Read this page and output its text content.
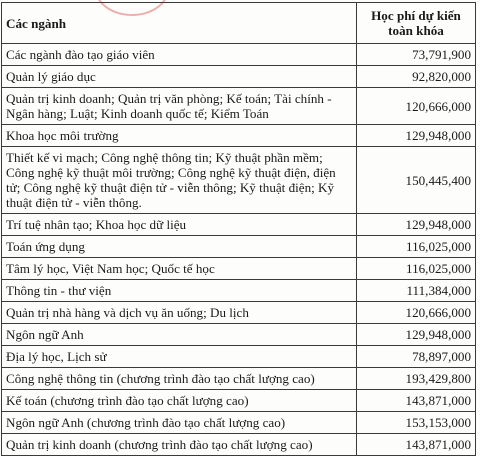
Các ngành	Học phí dự kiến
toàn khóa
Các ngành đào tạo giáo viên	73,791,900
Quản lý giáo dục	92,820,000
Quản trị kinh doanh; Quản trị văn phòng; Kế toán; Tài chính - Ngân hàng; Luật; Kinh doanh quốc tế; Kiểm Toán	120,666,000
Khoa học môi trường	129,948,000
Thiết kế vi mạch; Công nghệ thông tin; Kỹ thuật phần mềm; Công nghệ kỹ thuật môi trường; Công nghệ kỹ thuật điện, điện tử; Công nghệ kỹ thuật điện tử - viễn thông; Kỹ thuật điện; Kỹ thuật điện tử - viễn thông.	150,445,400
Trí tuệ nhân tạo; Khoa học dữ liệu	129,948,000
Toán ứng dụng	116,025,000
Tâm lý học, Việt Nam học; Quốc tế học	116,025,000
Thông tin - thư viện	111,384,000
Quản trị nhà hàng và dịch vụ ăn uống; Du lịch	120,666,000
Ngôn ngữ Anh	129,948,000
Địa lý học, Lịch sử	78,897,000
Công nghệ thông tin (chương trình đào tạo chất lượng cao)	193,429,800
Kế toán (chương trình đào tạo chất lượng cao)	143,871,000
Ngôn ngữ Anh (chương trình đào tạo chất lượng cao)	153,153,000
Quản trị kinh doanh (chương trình đào tạo chất lượng cao)	143,871,000
